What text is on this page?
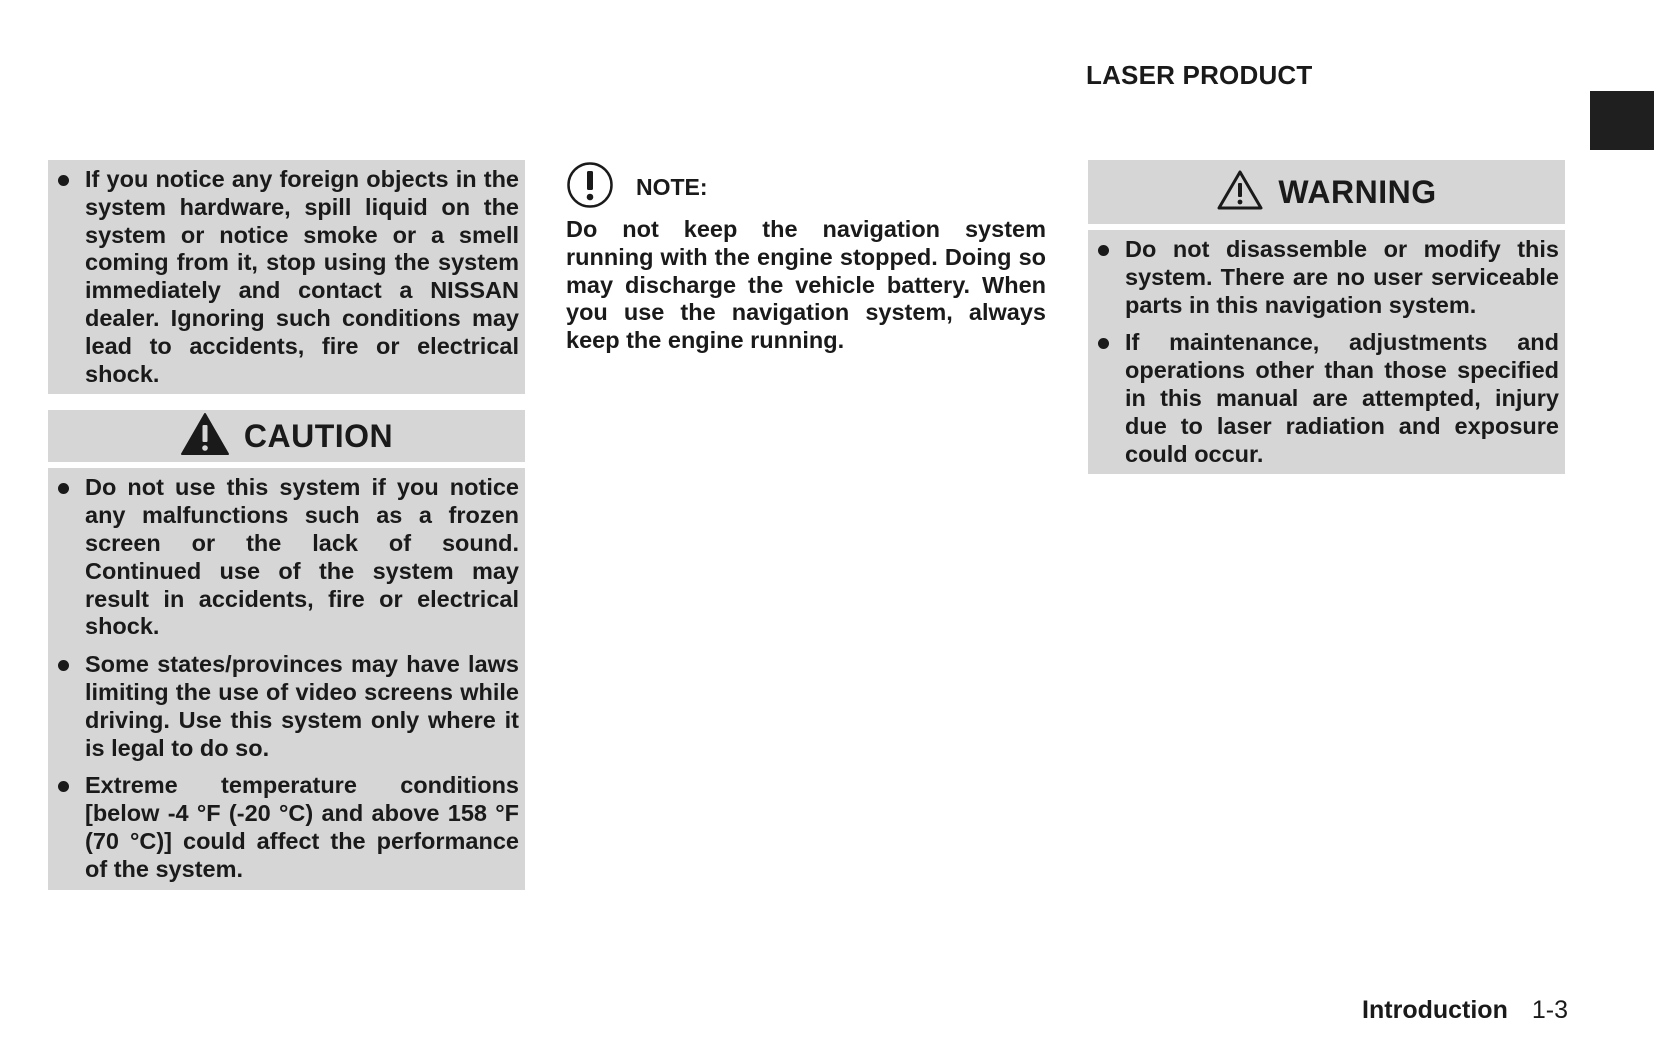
LASER PRODUCT
If you notice any foreign objects in the system hardware, spill liquid on the system or notice smoke or a smell coming from it, stop using the system immediately and contact a NISSAN dealer. Ignoring such conditions may lead to accidents, fire or electrical shock.
CAUTION
Do not use this system if you notice any malfunctions such as a frozen screen or the lack of sound. Continued use of the system may result in accidents, fire or electrical shock.
Some states/provinces may have laws limiting the use of video screens while driving. Use this system only where it is legal to do so.
Extreme temperature conditions [below -4 °F (-20 °C) and above 158 °F (70 °C)] could affect the performance of the system.
NOTE:

Do not keep the navigation system running with the engine stopped. Doing so may discharge the vehicle battery. When you use the navigation system, always keep the engine running.

WARNING
Do not disassemble or modify this system. There are no user serviceable parts in this navigation system.
If maintenance, adjustments and operations other than those specified in this manual are attempted, injury due to laser radiation and exposure could occur.
Introduction 1-3
